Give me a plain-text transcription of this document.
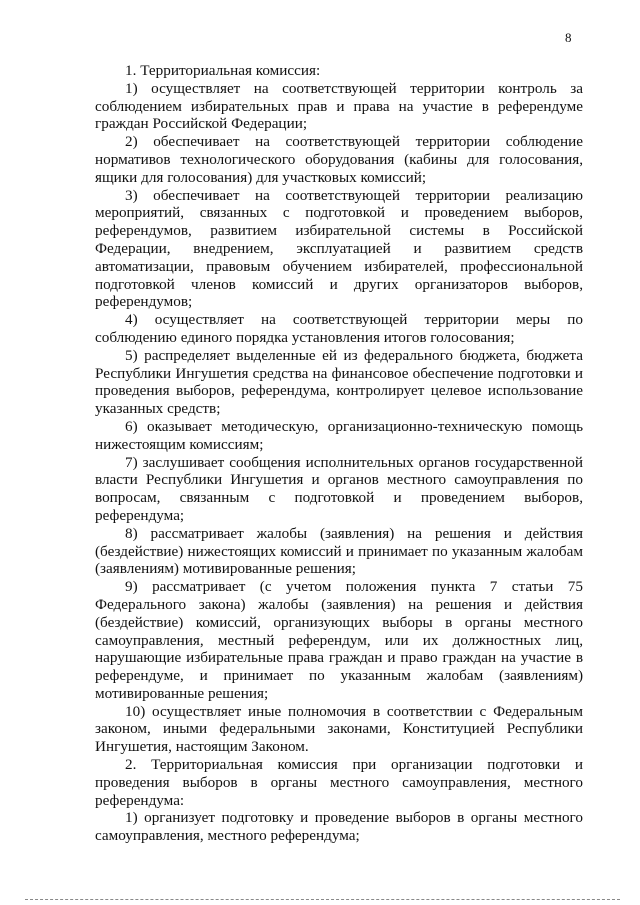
8

1. Территориальная комиссия:

1) осуществляет на соответствующей территории контроль за соблюдением избирательных прав и права на участие в референдуме граждан Российской Федерации;

2) обеспечивает на соответствующей территории соблюдение нормативов технологического оборудования (кабины для голосования, ящики для голосования) для участковых комиссий;

3) обеспечивает на соответствующей территории реализацию мероприятий, связанных с подготовкой и проведением выборов, референдумов, развитием избирательной системы в Российской Федерации, внедрением, эксплуатацией и развитием средств автоматизации, правовым обучением избирателей, профессиональной подготовкой членов комиссий и других организаторов выборов, референдумов;

4) осуществляет на соответствующей территории меры по соблюдению единого порядка установления итогов голосования;

5) распределяет выделенные ей из федерального бюджета, бюджета Республики Ингушетия средства на финансовое обеспечение подготовки и проведения выборов, референдума, контролирует целевое использование указанных средств;

6) оказывает методическую, организационно-техническую помощь нижестоящим комиссиям;

7) заслушивает сообщения исполнительных органов государственной власти Республики Ингушетия и органов местного самоуправления по вопросам, связанным с подготовкой и проведением выборов, референдума;

8) рассматривает жалобы (заявления) на решения и действия (бездействие) нижестоящих комиссий и принимает по указанным жалобам (заявлениям) мотивированные решения;

9) рассматривает (с учетом положения пункта 7 статьи 75 Федерального закона) жалобы (заявления) на решения и действия (бездействие) комиссий, организующих выборы в органы местного самоуправления, местный референдум, или их должностных лиц, нарушающие избирательные права граждан и право граждан на участие в референдуме, и принимает по указанным жалобам (заявлениям) мотивированные решения;

10) осуществляет иные полномочия в соответствии с Федеральным законом, иными федеральными законами, Конституцией Республики Ингушетия, настоящим Законом.

2. Территориальная комиссия при организации подготовки и проведения выборов в органы местного самоуправления, местного референдума:

1) организует подготовку и проведение выборов в органы местного самоуправления, местного референдума;
